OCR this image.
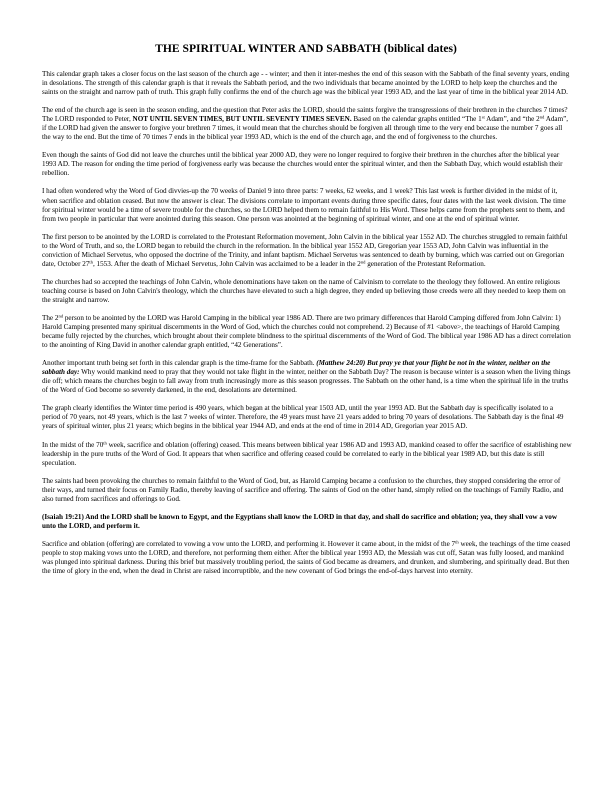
THE SPIRITUAL WINTER AND SABBATH (biblical dates)

This calendar graph takes a closer focus on the last season of the church age - - winter; and then it inter-meshes the end of this season with the Sabbath of the final seventy years, ending in desolations. The strength of this calendar graph is that it reveals the Sabbath period, and the two individuals that became anointed by the LORD to help keep the churches and the saints on the straight and narrow path of truth. This graph fully confirms the end of the church age was the biblical year 1993 AD, and the last year of time in the biblical year 2014 AD.

The end of the church age is seen in the season ending, and the question that Peter asks the LORD, should the saints forgive the transgressions of their brethren in the churches 7 times? The LORD responded to Peter, NOT UNTIL SEVEN TIMES, BUT UNTIL SEVENTY TIMES SEVEN. Based on the calendar graphs entitled “The 1st Adam”, and “the 2nd Adam”, if the LORD had given the answer to forgive your brethren 7 times, it would mean that the churches should be forgiven all through time to the very end because the number 7 goes all the way to the end. But the time of 70 times 7 ends in the biblical year 1993 AD, which is the end of the church age, and the end of forgiveness to the churches.

Even though the saints of God did not leave the churches until the biblical year 2000 AD, they were no longer required to forgive their brethren in the churches after the biblical year 1993 AD. The reason for ending the time period of forgiveness early was because the churches would enter the spiritual winter, and then the Sabbath Day, which would establish their rebellion.

I had often wondered why the Word of God divvies-up the 70 weeks of Daniel 9 into three parts: 7 weeks, 62 weeks, and 1 week? This last week is further divided in the midst of it, when sacrifice and oblation ceased. But now the answer is clear. The divisions correlate to important events during three specific dates, four dates with the last week division. The time for spiritual winter would be a time of severe trouble for the churches, so the LORD helped them to remain faithful to His Word. These helps came from the prophets sent to them, and from two people in particular that were anointed during this season. One person was anointed at the beginning of spiritual winter, and one at the end of spiritual winter.

The first person to be anointed by the LORD is correlated to the Protestant Reformation movement, John Calvin in the biblical year 1552 AD. The churches struggled to remain faithful to the Word of Truth, and so, the LORD began to rebuild the church in the reformation. In the biblical year 1552 AD, Gregorian year 1553 AD, John Calvin was influential in the conviction of Michael Servetus, who opposed the doctrine of the Trinity, and infant baptism. Michael Servetus was sentenced to death by burning, which was carried out on Gregorian date, October 27th, 1553. After the death of Michael Servetus, John Calvin was acclaimed to be a leader in the 2nd generation of the Protestant Reformation.

The churches had so accepted the teachings of John Calvin, whole denominations have taken on the name of Calvinism to correlate to the theology they followed. An entire religious teaching course is based on John Calvin's theology, which the churches have elevated to such a high degree, they ended up believing those creeds were all they needed to keep them on the straight and narrow.

The 2nd person to be anointed by the LORD was Harold Camping in the biblical year 1986 AD. There are two primary differences that Harold Camping differed from John Calvin: 1) Harold Camping presented many spiritual discernments in the Word of God, which the churches could not comprehend. 2) Because of #1 <above>, the teachings of Harold Camping became fully rejected by the churches, which brought about their complete blindness to the spiritual discernments of the Word of God. The biblical year 1986 AD has a direct correlation to the anointing of King David in another calendar graph entitled, “42 Generations”.

Another important truth being set forth in this calendar graph is the time-frame for the Sabbath. (Matthew 24:20) But pray ye that your flight be not in the winter, neither on the sabbath day: Why would mankind need to pray that they would not take flight in the winter, neither on the Sabbath Day? The reason is because winter is a season when the living things die off; which means the churches begin to fall away from truth increasingly more as this season progresses. The Sabbath on the other hand, is a time when the spiritual life in the truths of the Word of God become so severely darkened, in the end, desolations are determined.

The graph clearly identifies the Winter time period is 490 years, which began at the biblical year 1503 AD, until the year 1993 AD. But the Sabbath day is specifically isolated to a period of 70 years, not 49 years, which is the last 7 weeks of winter. Therefore, the 49 years must have 21 years added to bring 70 years of desolations. The Sabbath day is the final 49 years of spiritual winter, plus 21 years; which begins in the biblical year 1944 AD, and ends at the end of time in 2014 AD, Gregorian year 2015 AD.

In the midst of the 70th week, sacrifice and oblation (offering) ceased. This means between biblical year 1986 AD and 1993 AD, mankind ceased to offer the sacrifice of establishing new leadership in the pure truths of the Word of God. It appears that when sacrifice and offering ceased could be correlated to early in the biblical year 1989 AD, but this date is still speculation.

The saints had been provoking the churches to remain faithful to the Word of God, but, as Harold Camping became a confusion to the churches, they stopped considering the error of their ways, and turned their focus on Family Radio, thereby leaving of sacrifice and offering. The saints of God on the other hand, simply relied on the teachings of Family Radio, and also turned from sacrifices and offerings to God.

(Isaiah 19:21) And the LORD shall be known to Egypt, and the Egyptians shall know the LORD in that day, and shall do sacrifice and oblation; yea, they shall vow a vow unto the LORD, and perform it.

Sacrifice and oblation (offering) are correlated to vowing a vow unto the LORD, and performing it. However it came about, in the midst of the 7th week, the teachings of the time ceased people to stop making vows unto the LORD, and therefore, not performing them either. After the biblical year 1993 AD, the Messiah was cut off, Satan was fully loosed, and mankind was plunged into spiritual darkness. During this brief but massively troubling period, the saints of God became as dreamers, and drunken, and slumbering, and spiritually dead. But then the time of glory in the end, when the dead in Christ are raised incorruptible, and the new covenant of God brings the end-of-days harvest into eternity.
